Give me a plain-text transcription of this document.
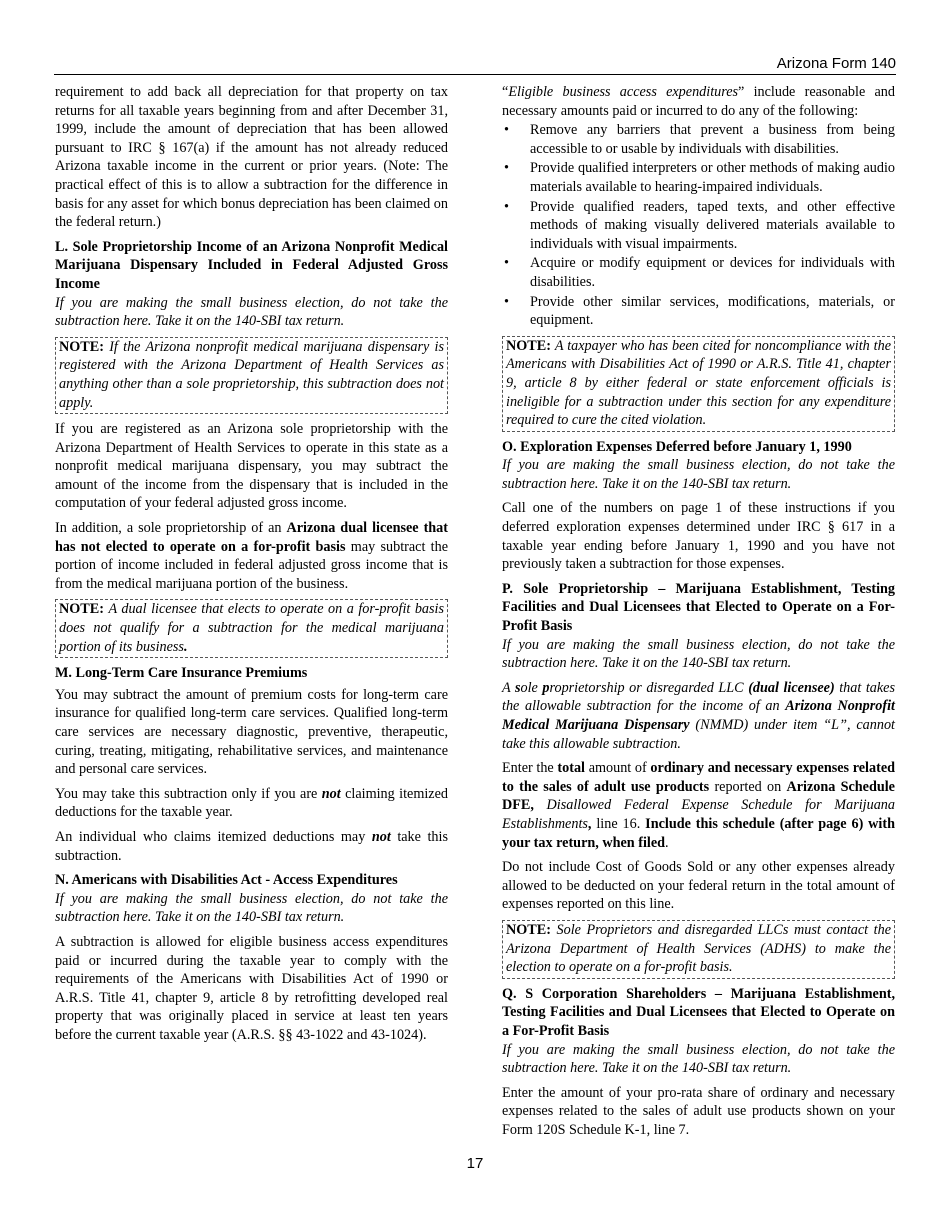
Arizona Form 140

requirement to add back all depreciation for that property on tax returns for all taxable years beginning from and after December 31, 1999, include the amount of depreciation that has been allowed pursuant to IRC § 167(a) if the amount has not already reduced Arizona taxable income in the current or prior years. (Note: The practical effect of this is to allow a subtraction for the difference in basis for any asset for which bonus depreciation has been claimed on the federal return.)

L. Sole Proprietorship Income of an Arizona Nonprofit Medical Marijuana Dispensary Included in Federal Adjusted Gross Income

If you are making the small business election, do not take the subtraction here. Take it on the 140-SBI tax return.

NOTE: If the Arizona nonprofit medical marijuana dispensary is registered with the Arizona Department of Health Services as anything other than a sole proprietorship, this subtraction does not apply.

If you are registered as an Arizona sole proprietorship with the Arizona Department of Health Services to operate in this state as a nonprofit medical marijuana dispensary, you may subtract the amount of the income from the dispensary that is included in the computation of your federal adjusted gross income.

In addition, a sole proprietorship of an Arizona dual licensee that has not elected to operate on a for-profit basis may subtract the portion of income included in federal adjusted gross income that is from the medical marijuana portion of the business.

NOTE: A dual licensee that elects to operate on a for-profit basis does not qualify for a subtraction for the medical marijuana portion of its business.

M. Long-Term Care Insurance Premiums

You may subtract the amount of premium costs for long-term care insurance for qualified long-term care services. Qualified long-term care services are necessary diagnostic, preventive, therapeutic, curing, treating, mitigating, rehabilitative services, and maintenance and personal care services.

You may take this subtraction only if you are not claiming itemized deductions for the taxable year.

An individual who claims itemized deductions may not take this subtraction.

N. Americans with Disabilities Act - Access Expenditures

If you are making the small business election, do not take the subtraction here. Take it on the 140-SBI tax return.

A subtraction is allowed for eligible business access expenditures paid or incurred during the taxable year to comply with the requirements of the Americans with Disabilities Act of 1990 or A.R.S. Title 41, chapter 9, article 8 by retrofitting developed real property that was originally placed in service at least ten years before the current taxable year (A.R.S. §§ 43-1022 and 43-1024).

“Eligible business access expenditures” include reasonable and necessary amounts paid or incurred to do any of the following:

• Remove any barriers that prevent a business from being accessible to or usable by individuals with disabilities.
• Provide qualified interpreters or other methods of making audio materials available to hearing-impaired individuals.
• Provide qualified readers, taped texts, and other effective methods of making visually delivered materials available to individuals with visual impairments.
• Acquire or modify equipment or devices for individuals with disabilities.
• Provide other similar services, modifications, materials, or equipment.

NOTE: A taxpayer who has been cited for noncompliance with the Americans with Disabilities Act of 1990 or A.R.S. Title 41, chapter 9, article 8 by either federal or state enforcement officials is ineligible for a subtraction under this section for any expenditure required to cure the cited violation.

O. Exploration Expenses Deferred before January 1, 1990

If you are making the small business election, do not take the subtraction here. Take it on the 140-SBI tax return.

Call one of the numbers on page 1 of these instructions if you deferred exploration expenses determined under IRC § 617 in a taxable year ending before January 1, 1990 and you have not previously taken a subtraction for those expenses.

P. Sole Proprietorship – Marijuana Establishment, Testing Facilities and Dual Licensees that Elected to Operate on a For-Profit Basis

If you are making the small business election, do not take the subtraction here. Take it on the 140-SBI tax return.

A sole proprietorship or disregarded LLC (dual licensee) that takes the allowable subtraction for the income of an Arizona Nonprofit Medical Marijuana Dispensary (NMMD) under item “L”, cannot take this allowable subtraction.

Enter the total amount of ordinary and necessary expenses related to the sales of adult use products reported on Arizona Schedule DFE, Disallowed Federal Expense Schedule for Marijuana Establishments, line 16. Include this schedule (after page 6) with your tax return, when filed.

Do not include Cost of Goods Sold or any other expenses already allowed to be deducted on your federal return in the total amount of expenses reported on this line.

NOTE: Sole Proprietors and disregarded LLCs must contact the Arizona Department of Health Services (ADHS) to make the election to operate on a for-profit basis.

Q. S Corporation Shareholders – Marijuana Establishment, Testing Facilities and Dual Licensees that Elected to Operate on a For-Profit Basis

If you are making the small business election, do not take the subtraction here. Take it on the 140-SBI tax return.

Enter the amount of your pro-rata share of ordinary and necessary expenses related to the sales of adult use products shown on your Form 120S Schedule K-1, line 7.

17
